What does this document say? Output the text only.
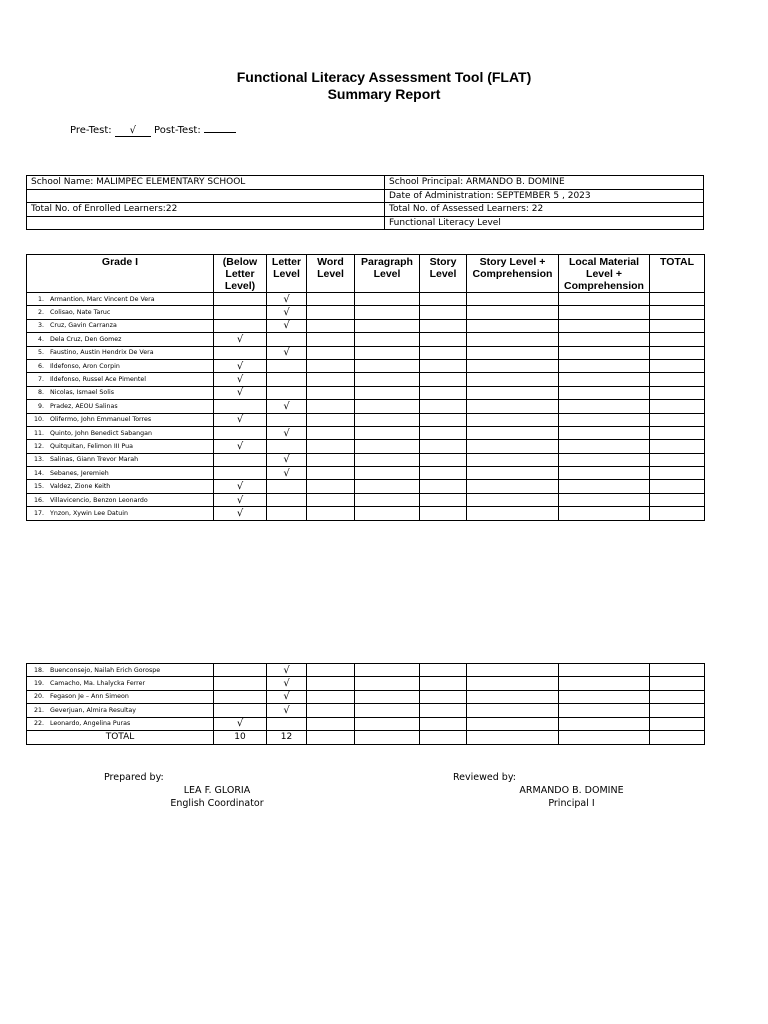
Functional Literacy Assessment Tool (FLAT)
Summary Report
Pre-Test: √ Post-Test:
School Name: MALIMPEC ELEMENTARY SCHOOL	School Principal: ARMANDO B. DOMINE
	Date of Administration: SEPTEMBER 5 , 2023
Total No. of Enrolled Learners:22	Total No. of Assessed Learners: 22
	Functional Literacy Level
Grade I	(Below Letter Level)	Letter Level	Word Level	Paragraph Level	Story Level	Story Level + Comprehension	Local Material Level + Comprehension	TOTAL
1. Armantion, Marc Vincent De Vera		√						
2. Colisao, Nate Taruc		√						
3. Cruz, Gavin Carranza		√						
4. Dela Cruz, Den Gomez	√							
5. Faustino, Austin Hendrix De Vera		√						
6. Ildefonso, Aron Corpin	√							
7. Ildefonso, Russel Ace Pimentel	√							
8. Nicolas, Ismael Solis	√							
9. Pradez, AEOU Salinas		√						
10. Olifermo, John Emmanuel Torres	√							
11. Quinto, John Benedict Sabangan		√						
12. Quitquitan, Felimon III Pua	√							
13. Salinas, Giann Trevor Marah		√						
14. Sebanes, Jeremieh		√						
15. Valdez, Zione Keith	√							
16. Villavicencio, Benzon Leonardo	√							
17. Ynzon, Xywin Lee Datuin	√							
18. Buenconsejo, Nailah Erich Gorospe		√						
19. Camacho, Ma. Lhalycka Ferrer		√						
20. Fegason Je – Ann Simeon		√						
21. Geverjuan, Almira Resultay		√						
22. Leonardo, Angelina Puras	√							
TOTAL	10	12						
Prepared by:
LEA F. GLORIA
English Coordinator
Reviewed by:
ARMANDO B. DOMINE
Principal I
